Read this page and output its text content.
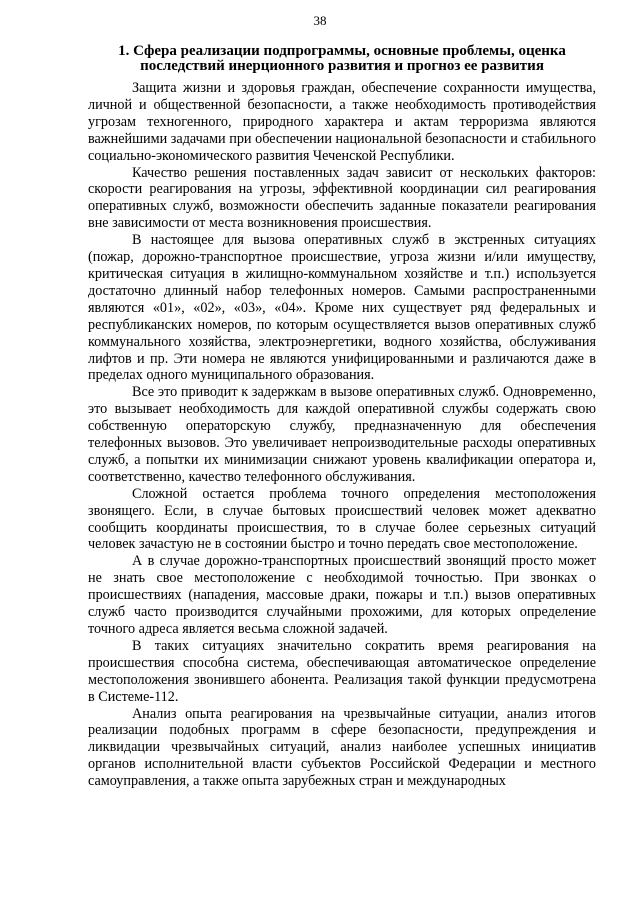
38
1. Сфера реализации подпрограммы, основные проблемы, оценка последствий инерционного развития и прогноз ее развития

Защита жизни и здоровья граждан, обеспечение сохранности имущества, личной и общественной безопасности, а также необходимость противодействия угрозам техногенного, природного характера и актам терроризма являются важнейшими задачами при обеспечении национальной безопасности и стабильного социально-экономического развития Чеченской Республики.

Качество решения поставленных задач зависит от нескольких факторов: скорости реагирования на угрозы, эффективной координации сил реагирования оперативных служб, возможности обеспечить заданные показатели реагирования вне зависимости от места возникновения происшествия.

В настоящее для вызова оперативных служб в экстренных ситуациях (пожар, дорожно-транспортное происшествие, угроза жизни и/или имуществу, критическая ситуация в жилищно-коммунальном хозяйстве и т.п.) используется достаточно длинный набор телефонных номеров. Самыми распространенными являются «01», «02», «03», «04». Кроме них существует ряд федеральных и республиканских номеров, по которым осуществляется вызов оперативных служб коммунального хозяйства, электроэнергетики, водного хозяйства, обслуживания лифтов и пр. Эти номера не являются унифицированными и различаются даже в пределах одного муниципального образования.

Все это приводит к задержкам в вызове оперативных служб. Одновременно, это вызывает необходимость для каждой оперативной службы содержать свою собственную операторскую службу, предназначенную для обеспечения телефонных вызовов. Это увеличивает непроизводительные расходы оперативных служб, а попытки их минимизации снижают уровень квалификации оператора и, соответственно, качество телефонного обслуживания.

Сложной остается проблема точного определения местоположения звонящего. Если, в случае бытовых происшествий человек может адекватно сообщить координаты происшествия, то в случае более серьезных ситуаций человек зачастую не в состоянии быстро и точно передать свое местоположение.

А в случае дорожно-транспортных происшествий звонящий просто может не знать свое местоположение с необходимой точностью. При звонках о происшествиях (нападения, массовые драки, пожары и т.п.) вызов оперативных служб часто производится случайными прохожими, для которых определение точного адреса является весьма сложной задачей.

В таких ситуациях значительно сократить время реагирования на происшествия способна система, обеспечивающая автоматическое определение местоположения звонившего абонента. Реализация такой функции предусмотрена в Системе-112.

Анализ опыта реагирования на чрезвычайные ситуации, анализ итогов реализации подобных программ в сфере безопасности, предупреждения и ликвидации чрезвычайных ситуаций, анализ наиболее успешных инициатив органов исполнительной власти субъектов Российской Федерации и местного самоуправления, а также опыта зарубежных стран и международных
